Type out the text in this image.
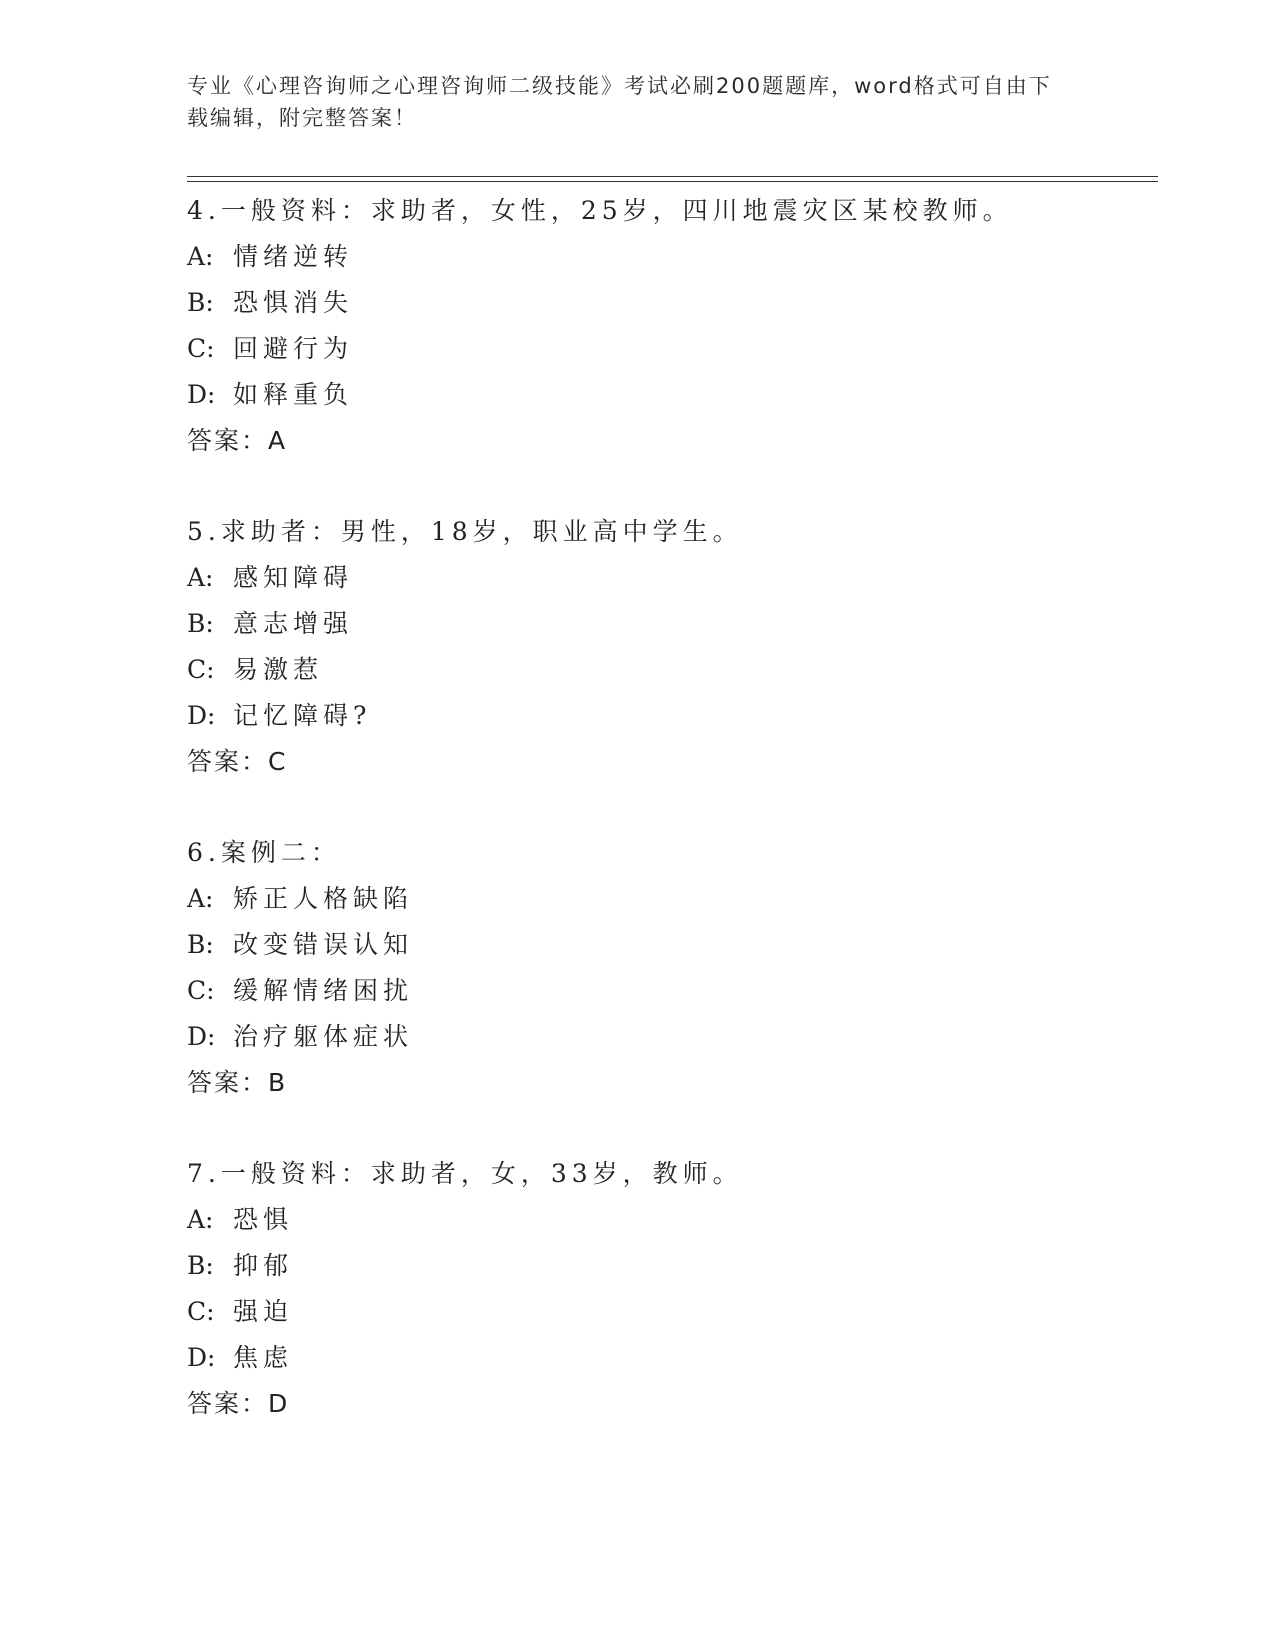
专业《心理咨询师之心理咨询师二级技能》考试必刷200题题库，word格式可自由下载编辑，附完整答案！
4.一般资料：求助者，女性，25岁，四川地震灾区某校教师。
A: 情绪逆转
B: 恐惧消失
C: 回避行为
D: 如释重负
答案：A
5.求助者：男性，18岁，职业高中学生。
A: 感知障碍
B: 意志增强
C: 易激惹
D: 记忆障碍?
答案：C
6.案例二：
A: 矫正人格缺陷
B: 改变错误认知
C: 缓解情绪困扰
D: 治疗躯体症状
答案：B
7.一般资料：求助者，女，33岁，教师。
A: 恐惧
B: 抑郁
C: 强迫
D: 焦虑
答案：D
